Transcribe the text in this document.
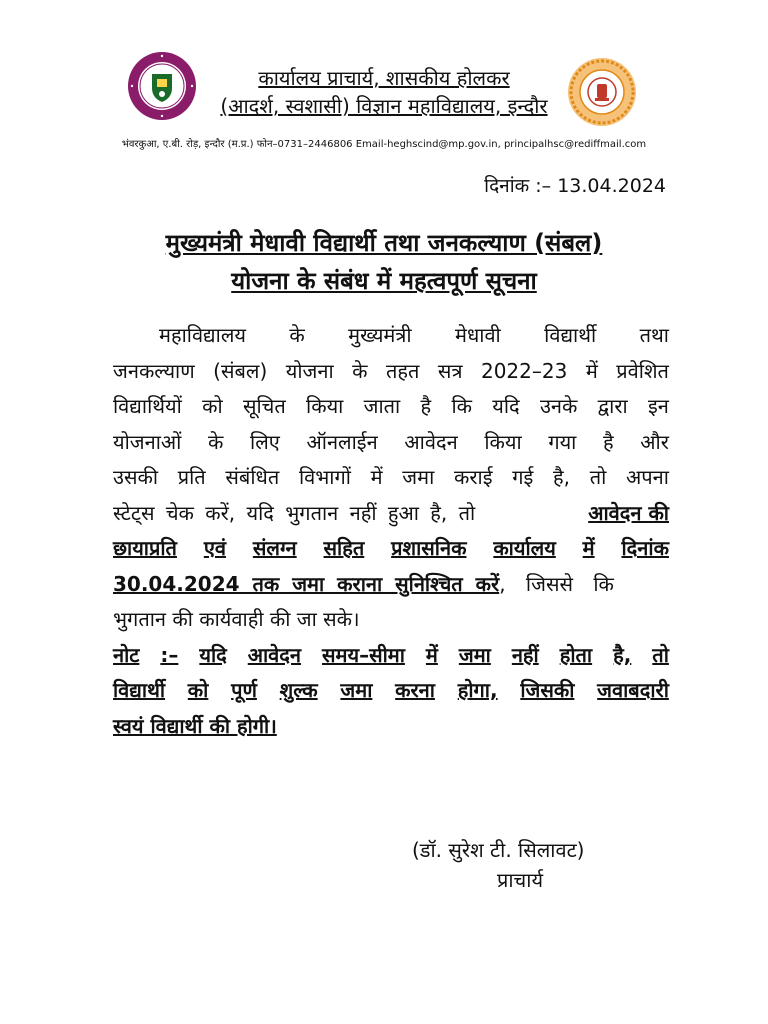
कार्यालय प्राचार्य, शासकीय होलकर
(आदर्श, स्वशासी) विज्ञान महाविद्यालय, इन्दौर
भंवरकुआ, ए.बी. रोड़, इन्दौर (म.प्र.) फोन–0731–2446806 Email-heghscind@mp.gov.in, principalhsc@rediffmail.com
दिनांक :– 13.04.2024
मुख्यमंत्री मेधावी विद्यार्थी तथा जनकल्याण (संबल)
योजना के संबंध में महत्वपूर्ण सूचना
महाविद्यालय के मुख्यमंत्री मेधावी विद्यार्थी तथा
जनकल्याण (संबल) योजना के तहत सत्र 2022–23 में प्रवेशित
विद्यार्थियों को सूचित किया जाता है कि यदि उनके द्वारा इन
योजनाओं के लिए ऑनलाईन आवेदन किया गया है और
उसकी प्रति संबंधित विभागों में जमा कराई गई है, तो अपना
स्टेट्स चेक करें, यदि भुगतान नहीं हुआ है, तो	आवेदन की
छायाप्रति एवं संलग्न सहित प्रशासनिक कार्यालय में दिनांक
30.04.2024 तक जमा कराना सुनिश्चित करें, जिससे कि
भुगतान की कार्यवाही की जा सके।
नोट :– यदि आवेदन समय–सीमा में जमा नहीं होता है, तो
विद्यार्थी को पूर्ण शुल्क जमा करना होगा, जिसकी जवाबदारी
स्वयं विद्यार्थी की होगी।
(डॉ. सुरेश टी. सिलावट)
प्राचार्य
